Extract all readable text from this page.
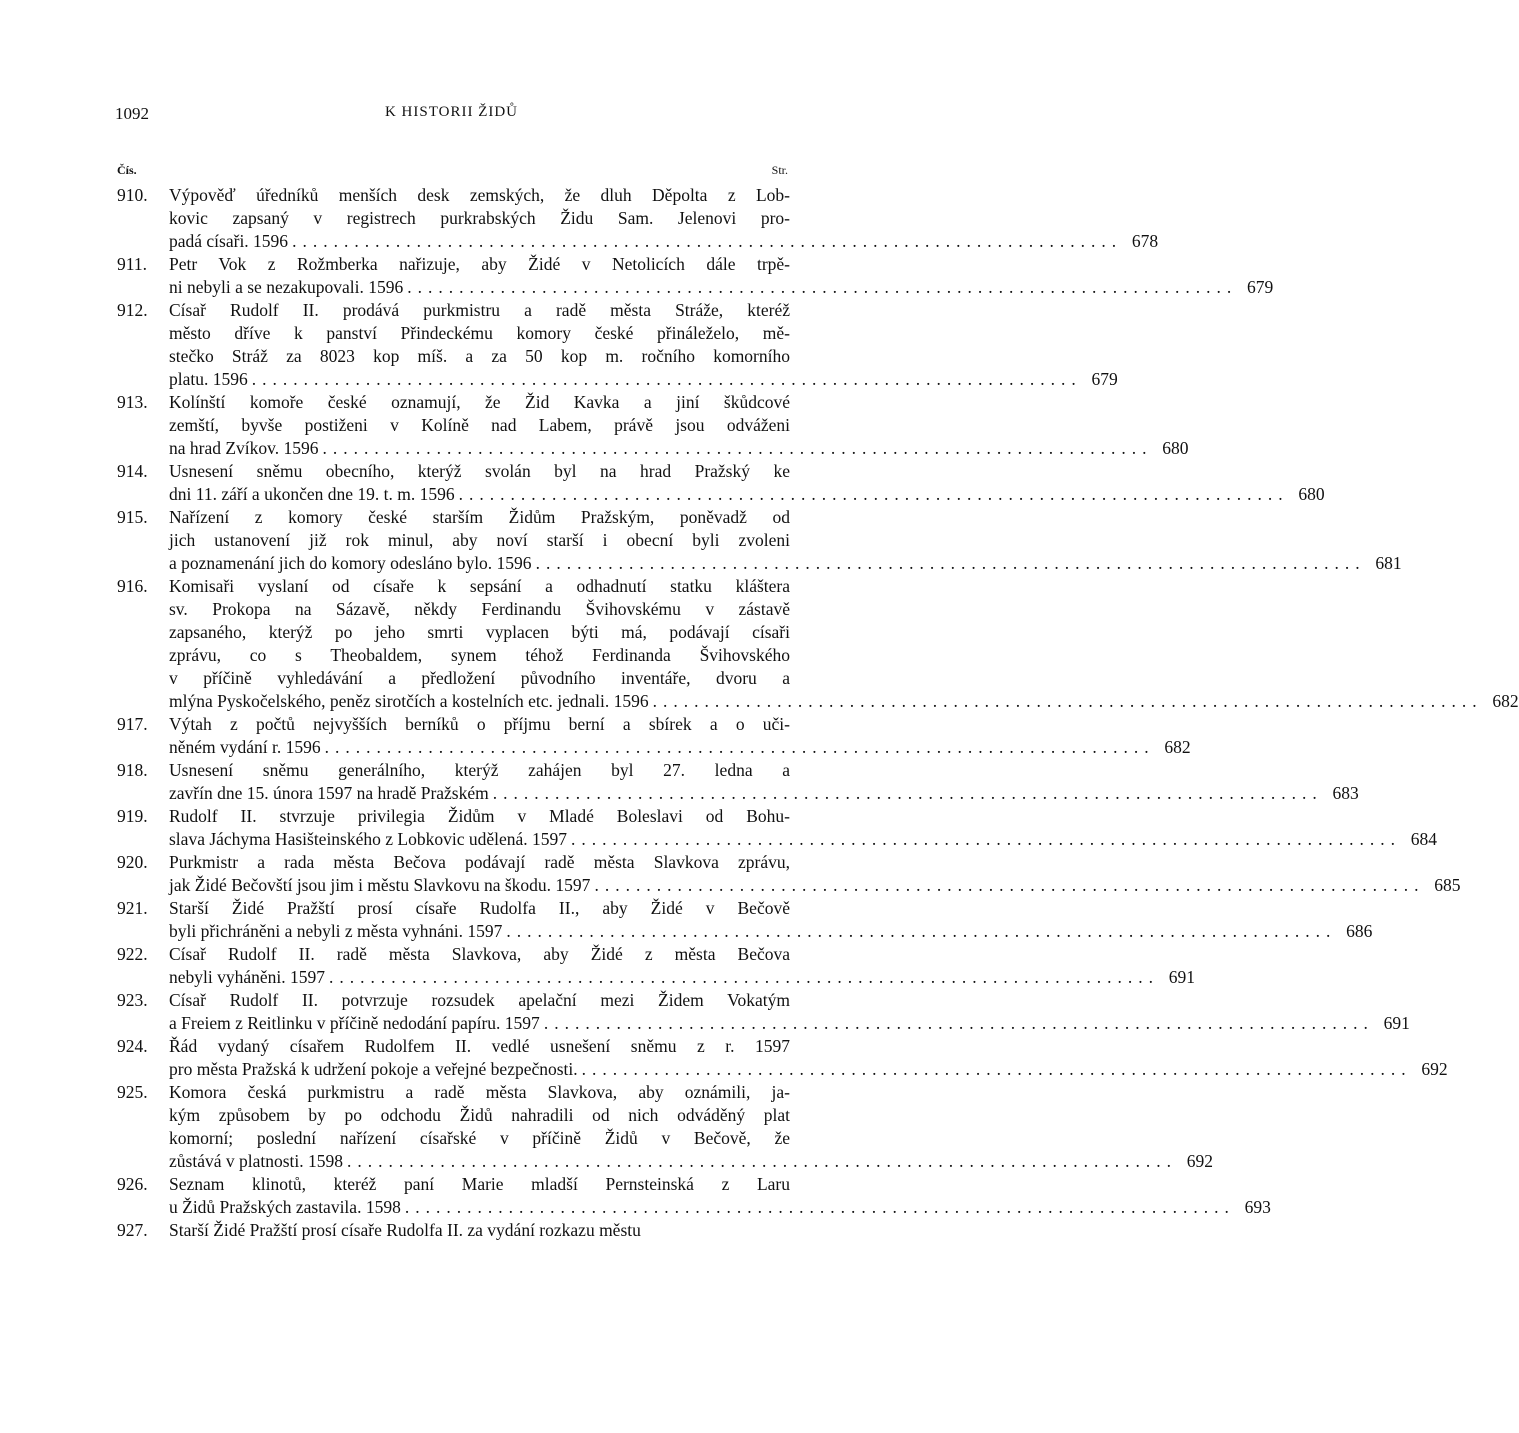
1092	K HISTORII ŽIDŮ
Čís.	Str.
910.	Výpověď úředníků menších desk zemských, že dluh Děpolta z Lob-
kovic zapsaný v registrech purkrabských Židu Sam. Jelenovi pro-
padá císaři. 1596 ................................................................................ 678
911.	Petr Vok z Rožmberka nařizuje, aby Židé v Netolicích dále trpě-
ni nebyli a se nezakupovali. 1596 ................................................................................ 679
912.	Císař Rudolf II. prodává purkmistru a radě města Stráže, kteréž
město dříve k panství Přindeckému komory české přináleželo, mě-
stečko Stráž za 8023 kop míš. a za 50 kop m. ročního komorního
platu. 1596 ................................................................................ 679
913.	Kolínští komoře české oznamují, že Žid Kavka a jiní škůdcové
zemští, byvše postiženi v Kolíně nad Labem, právě jsou odváženi
na hrad Zvíkov. 1596 ................................................................................ 680
914.	Usnesení sněmu obecního, kterýž svolán byl na hrad Pražský ke
dni 11. září a ukončen dne 19. t. m. 1596 ................................................................................ 680
915.	Nařízení z komory české starším Židům Pražským, poněvadž od
jich ustanovení již rok minul, aby noví starší i obecní byli zvoleni
a poznamenání jich do komory odesláno bylo. 1596 ................................................................................ 681
916.	Komisaři vyslaní od císaře k sepsání a odhadnutí statku kláštera
sv. Prokopa na Sázavě, někdy Ferdinandu Švihovskému v zástavě
zapsaného, kterýž po jeho smrti vyplacen býti má, podávají císaři
zprávu, co s Theobaldem, synem téhož Ferdinanda Švihovského
v příčině vyhledávání a předložení původního inventáře, dvoru a
mlýna Pyskočelského, peněz sirotčích a kostelních etc. jednali. 1596 ................................................................................ 682
917.	Výtah z počtů nejvyšších berníků o příjmu berní a sbírek a o uči-
něném vydání r. 1596 ................................................................................ 682
918.	Usnesení sněmu generálního, kterýž zahájen byl 27. ledna a
zavřín dne 15. února 1597 na hradě Pražském ................................................................................ 683
919.	Rudolf II. stvrzuje privilegia Židům v Mladé Boleslavi od Bohu-
slava Jáchyma Hasišteinského z Lobkovic udělená. 1597 ................................................................................ 684
920.	Purkmistr a rada města Bečova podávají radě města Slavkova zprávu,
jak Židé Bečovští jsou jim i městu Slavkovu na škodu. 1597 ................................................................................ 685
921.	Starší Židé Pražští prosí císaře Rudolfa II., aby Židé v Bečově
byli přichráněni a nebyli z města vyhnáni. 1597 ................................................................................ 686
922.	Císař Rudolf II. radě města Slavkova, aby Židé z města Bečova
nebyli vyháněni. 1597 ................................................................................ 691
923.	Císař Rudolf II. potvrzuje rozsudek apelační mezi Židem Vokatým
a Freiem z Reitlinku v příčině nedodání papíru. 1597 ................................................................................ 691
924.	Řád vydaný císařem Rudolfem II. vedlé usnešení sněmu z r. 1597
pro města Pražská k udržení pokoje a veřejné bezpečnosti. ................................................................................ 692
925.	Komora česká purkmistru a radě města Slavkova, aby oznámili, ja-
kým způsobem by po odchodu Židů nahradili od nich odváděný plat
komorní; poslední nařízení císařské v příčině Židů v Bečově, že
zůstává v platnosti. 1598 ................................................................................ 692
926.	Seznam klinotů, kteréž paní Marie mladší Pernsteinská z Laru
u Židů Pražských zastavila. 1598 ................................................................................ 693
927.	Starší Židé Pražští prosí císaře Rudolfa II. za vydání rozkazu městu
